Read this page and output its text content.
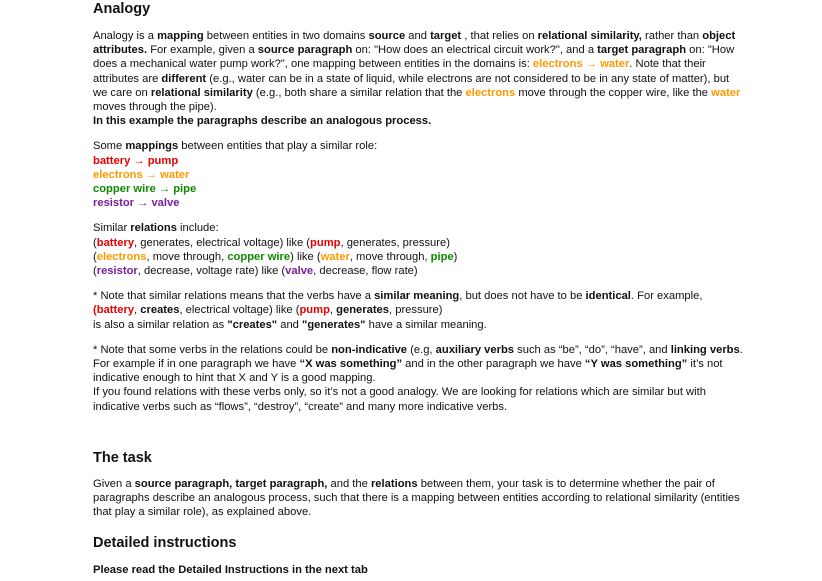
Analogy

Analogy is a mapping between entities in two domains source and target , that relies on relational similarity, rather than object attributes. For example, given a source paragraph on: "How does an electrical circuit work?", and a target paragraph on: "How does a mechanical water pump work?", one mapping between entities in the domains is: electrons → water. Note that their attributes are different (e.g., water can be in a state of liquid, while electrons are not considered to be in any state of matter), but we care on relational similarity (e.g., both share a similar relation that the electrons move through the copper wire, like the water moves through the pipe).
In this example the paragraphs describe an analogous process.

Some mappings between entities that play a similar role:

battery → pump

electrons → water

copper wire → pipe

resistor → valve

Similar relations include:

(battery, generates, electrical voltage) like (pump, generates, pressure)

(electrons, move through, copper wire) like (water, move through, pipe)

(resistor, decrease, voltage rate) like (valve, decrease, flow rate)

* Note that similar relations means that the verbs have a similar meaning, but does not have to be identical. For example, (battery, creates, electrical voltage) like (pump, generates, pressure)
is also a similar relation as "creates" and "generates" have a similar meaning.

* Note that some verbs in the relations could be non-indicative (e.g, auxiliary verbs such as “be”, “do”, “have”, and linking verbs. For example if in one paragraph we have “X was something” and in the other paragraph we have “Y was something” it’s not indicative enough to hint that X and Y is a good mapping.
If you found relations with these verbs only, so it’s not a good analogy. We are looking for relations which are similar but with indicative verbs such as “flows”, “destroy”, “create” and many more indicative verbs.

The task

Given a source paragraph, target paragraph, and the relations between them, your task is to determine whether the pair of paragraphs describe an analogous process, such that there is a mapping between entities according to relational similarity (entities that play a similar role), as explained above.

Detailed instructions
Please read the Detailed Instructions in the next tab
